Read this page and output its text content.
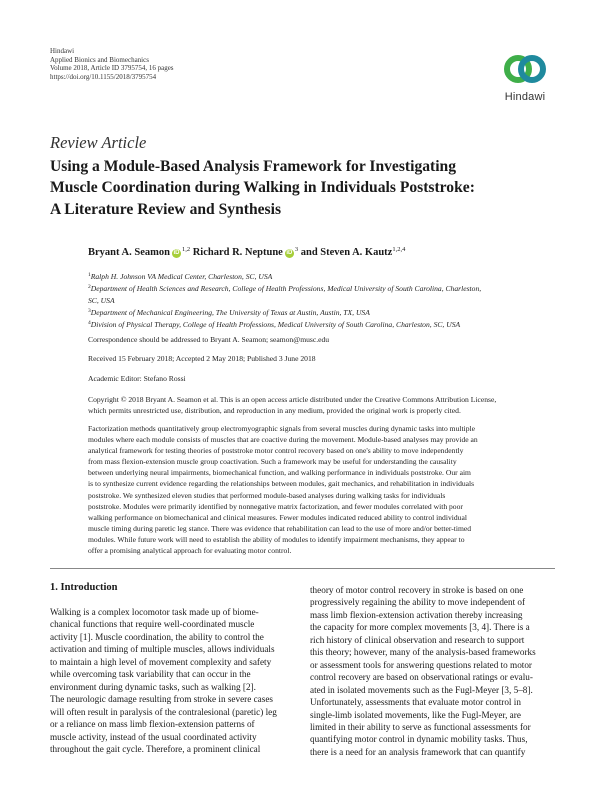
Hindawi
Applied Bionics and Biomechanics
Volume 2018, Article ID 3795754, 16 pages
https://doi.org/10.1155/2018/3795754
Hindawi
Review Article
Using a Module-Based Analysis Framework for Investigating
Muscle Coordination during Walking in Individuals Poststroke:
A Literature Review and Synthesis
Bryant A. Seamon iD $^{1,2}$ Richard R. Neptune iD $^3$ and Steven A. Kautz$^{1,2,4}$
$^1$Ralph H. Johnson VA Medical Center, Charleston, SC, USA
$^2$Department of Health Sciences and Research, College of Health Professions, Medical University of South Carolina, Charleston,
SC, USA
$^3$Department of Mechanical Engineering, The University of Texas at Austin, Austin, TX, USA
$^4$Division of Physical Therapy, College of Health Professions, Medical University of South Carolina, Charleston, SC, USA
Correspondence should be addressed to Bryant A. Seamon; seamon@musc.edu
Received 15 February 2018; Accepted 2 May 2018; Published 3 June 2018
Academic Editor: Stefano Rossi
Copyright © 2018 Bryant A. Seamon et al. This is an open access article distributed under the Creative Commons Attribution License,
which permits unrestricted use, distribution, and reproduction in any medium, provided the original work is properly cited.
Factorization methods quantitatively group electromyographic signals from several muscles during dynamic tasks into multiple
modules where each module consists of muscles that are coactive during the movement. Module-based analyses may provide an
analytical framework for testing theories of poststroke motor control recovery based on one's ability to move independently
from mass flexion-extension muscle group coactivation. Such a framework may be useful for understanding the causality
between underlying neural impairments, biomechanical function, and walking performance in individuals poststroke. Our aim
is to synthesize current evidence regarding the relationships between modules, gait mechanics, and rehabilitation in individuals
poststroke. We synthesized eleven studies that performed module-based analyses during walking tasks for individuals
poststroke. Modules were primarily identified by nonnegative matrix factorization, and fewer modules correlated with poor
walking performance on biomechanical and clinical measures. Fewer modules indicated reduced ability to control individual
muscle timing during paretic leg stance. There was evidence that rehabilitation can lead to the use of more and/or better-timed
modules. While future work will need to establish the ability of modules to identify impairment mechanisms, they appear to
offer a promising analytical approach for evaluating motor control.
1. Introduction
Walking is a complex locomotor task made up of biome-
chanical functions that require well-coordinated muscle
activity [1]. Muscle coordination, the ability to control the
activation and timing of multiple muscles, allows individuals
to maintain a high level of movement complexity and safety
while overcoming task variability that can occur in the
environment during dynamic tasks, such as walking [2].
The neurologic damage resulting from stroke in severe cases
will often result in paralysis of the contralesional (paretic) leg
or a reliance on mass limb flexion-extension patterns of
muscle activity, instead of the usual coordinated activity
throughout the gait cycle. Therefore, a prominent clinical
theory of motor control recovery in stroke is based on one
progressively regaining the ability to move independent of
mass limb flexion-extension activation thereby increasing
the capacity for more complex movements [3, 4]. There is a
rich history of clinical observation and research to support
this theory; however, many of the analysis-based frameworks
or assessment tools for answering questions related to motor
control recovery are based on observational ratings or evalu-
ated in isolated movements such as the Fugl-Meyer [3, 5–8].
Unfortunately, assessments that evaluate motor control in
single-limb isolated movements, like the Fugl-Meyer, are
limited in their ability to serve as functional assessments for
quantifying motor control in dynamic mobility tasks. Thus,
there is a need for an analysis framework that can quantify
